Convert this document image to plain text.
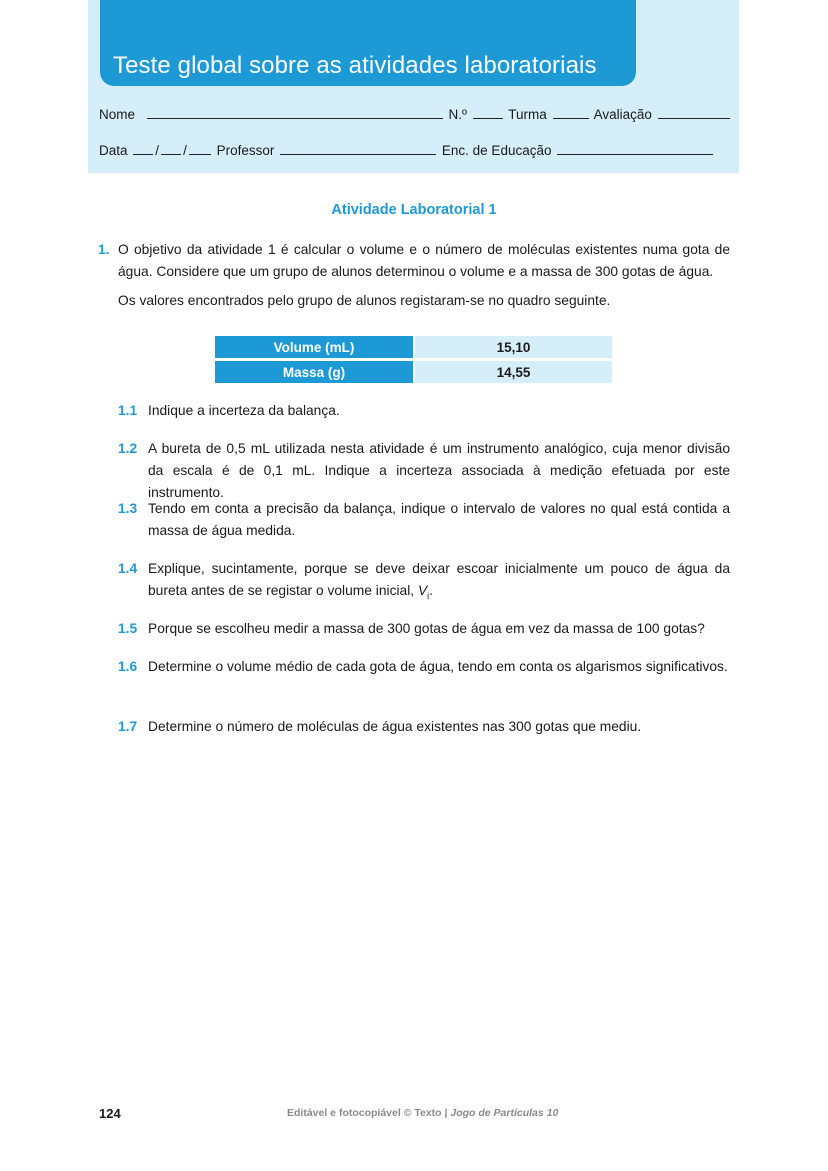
Teste global sobre as atividades laboratoriais
Nome	N.º	Turma	Avaliação
Data / / Professor	Enc. de Educação
Atividade Laboratorial 1
1. O objetivo da atividade 1 é calcular o volume e o número de moléculas existentes numa gota de água. Considere que um grupo de alunos determinou o volume e a massa de 300 gotas de água.
Os valores encontrados pelo grupo de alunos registaram-se no quadro seguinte.
Volume (mL)	15,10
Massa (g)	14,55
1.1 Indique a incerteza da balança.
1.2 A bureta de 0,5 mL utilizada nesta atividade é um instrumento analógico, cuja menor divisão da escala é de 0,1 mL. Indique a incerteza associada à medição efetuada por este instrumento.
1.3 Tendo em conta a precisão da balança, indique o intervalo de valores no qual está contida a massa de água medida.
1.4 Explique, sucintamente, porque se deve deixar escoar inicialmente um pouco de água da bureta antes de se registar o volume inicial, $V_i$.
1.5 Porque se escolheu medir a massa de 300 gotas de água em vez da massa de 100 gotas?
1.6 Determine o volume médio de cada gota de água, tendo em conta os algarismos significativos.
1.7 Determine o número de moléculas de água existentes nas 300 gotas que mediu.
124	Editável e fotocopiável © Texto | Jogo de Partículas 10
